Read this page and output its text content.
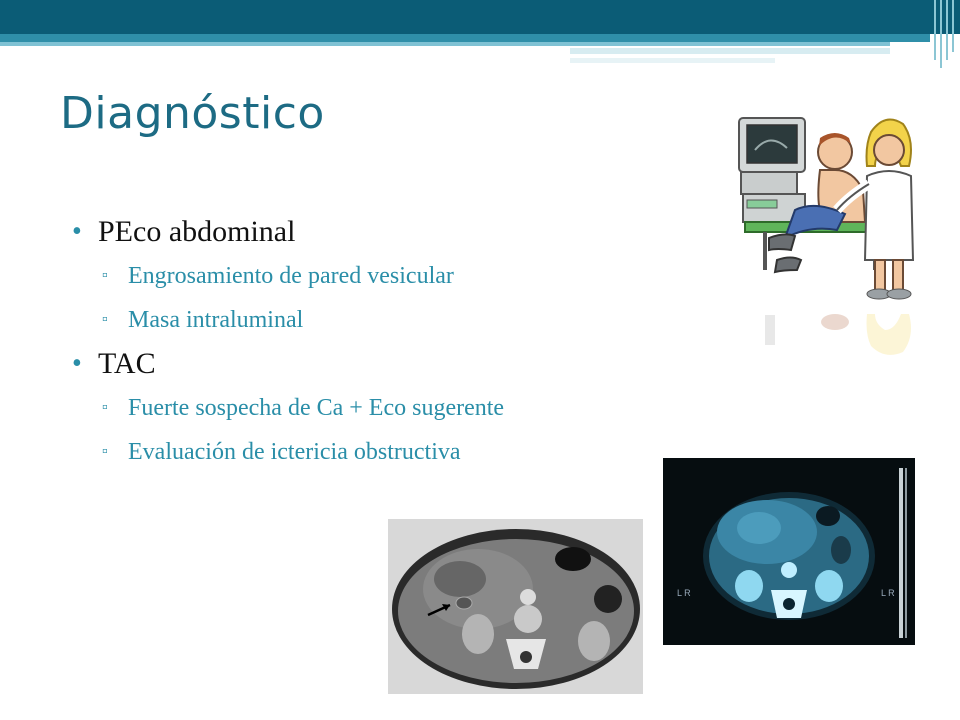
Diagnóstico
• PEco abdominal
▫ Engrosamiento de pared vesicular
▫ Masa intraluminal
• TAC
▫ Fuerte sospecha de Ca + Eco sugerente
▫ Evaluación de ictericia obstructiva
L R	L R
